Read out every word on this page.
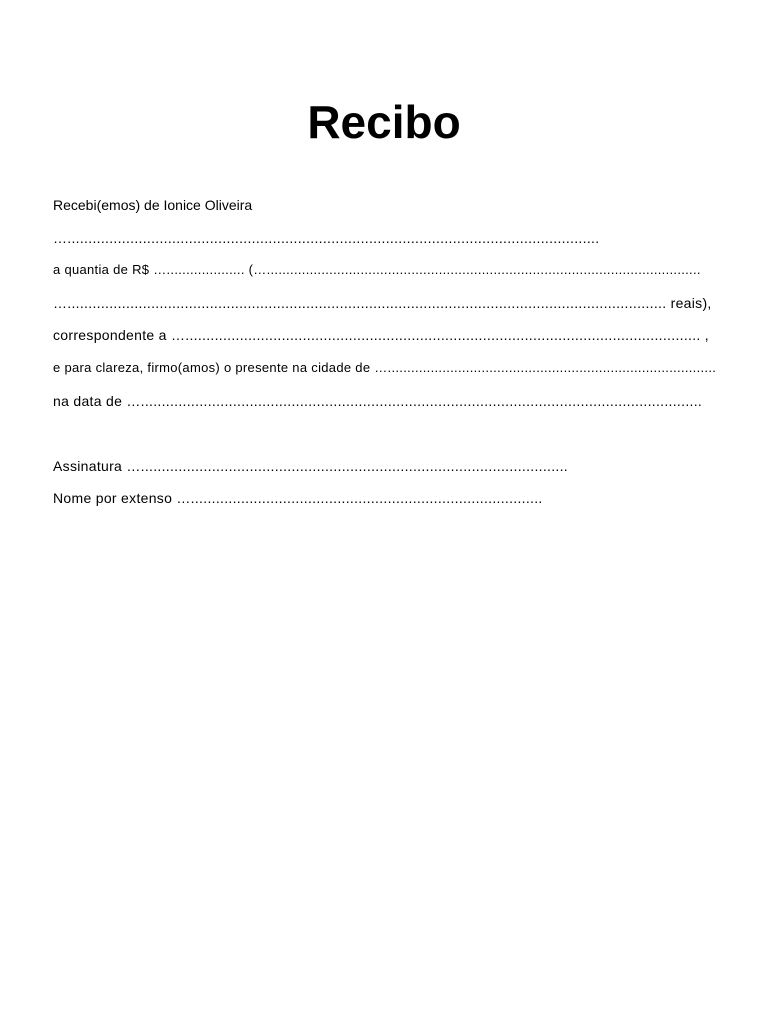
Recibo

Recebi(emos) de Ionice Oliveira

…...............................................................................................................................

a quantia de R$ ….................... (…...............................................................................................................

…............................................................................................................................................... reais),

correspondente a …........................................................................................................................... ,

e para clareza, firmo(amos) o presente na cidade de …....................................................................................

na data de …......................................................................................................................................

Assinatura …......................................................................................................

Nome por extenso …....................................................................................
